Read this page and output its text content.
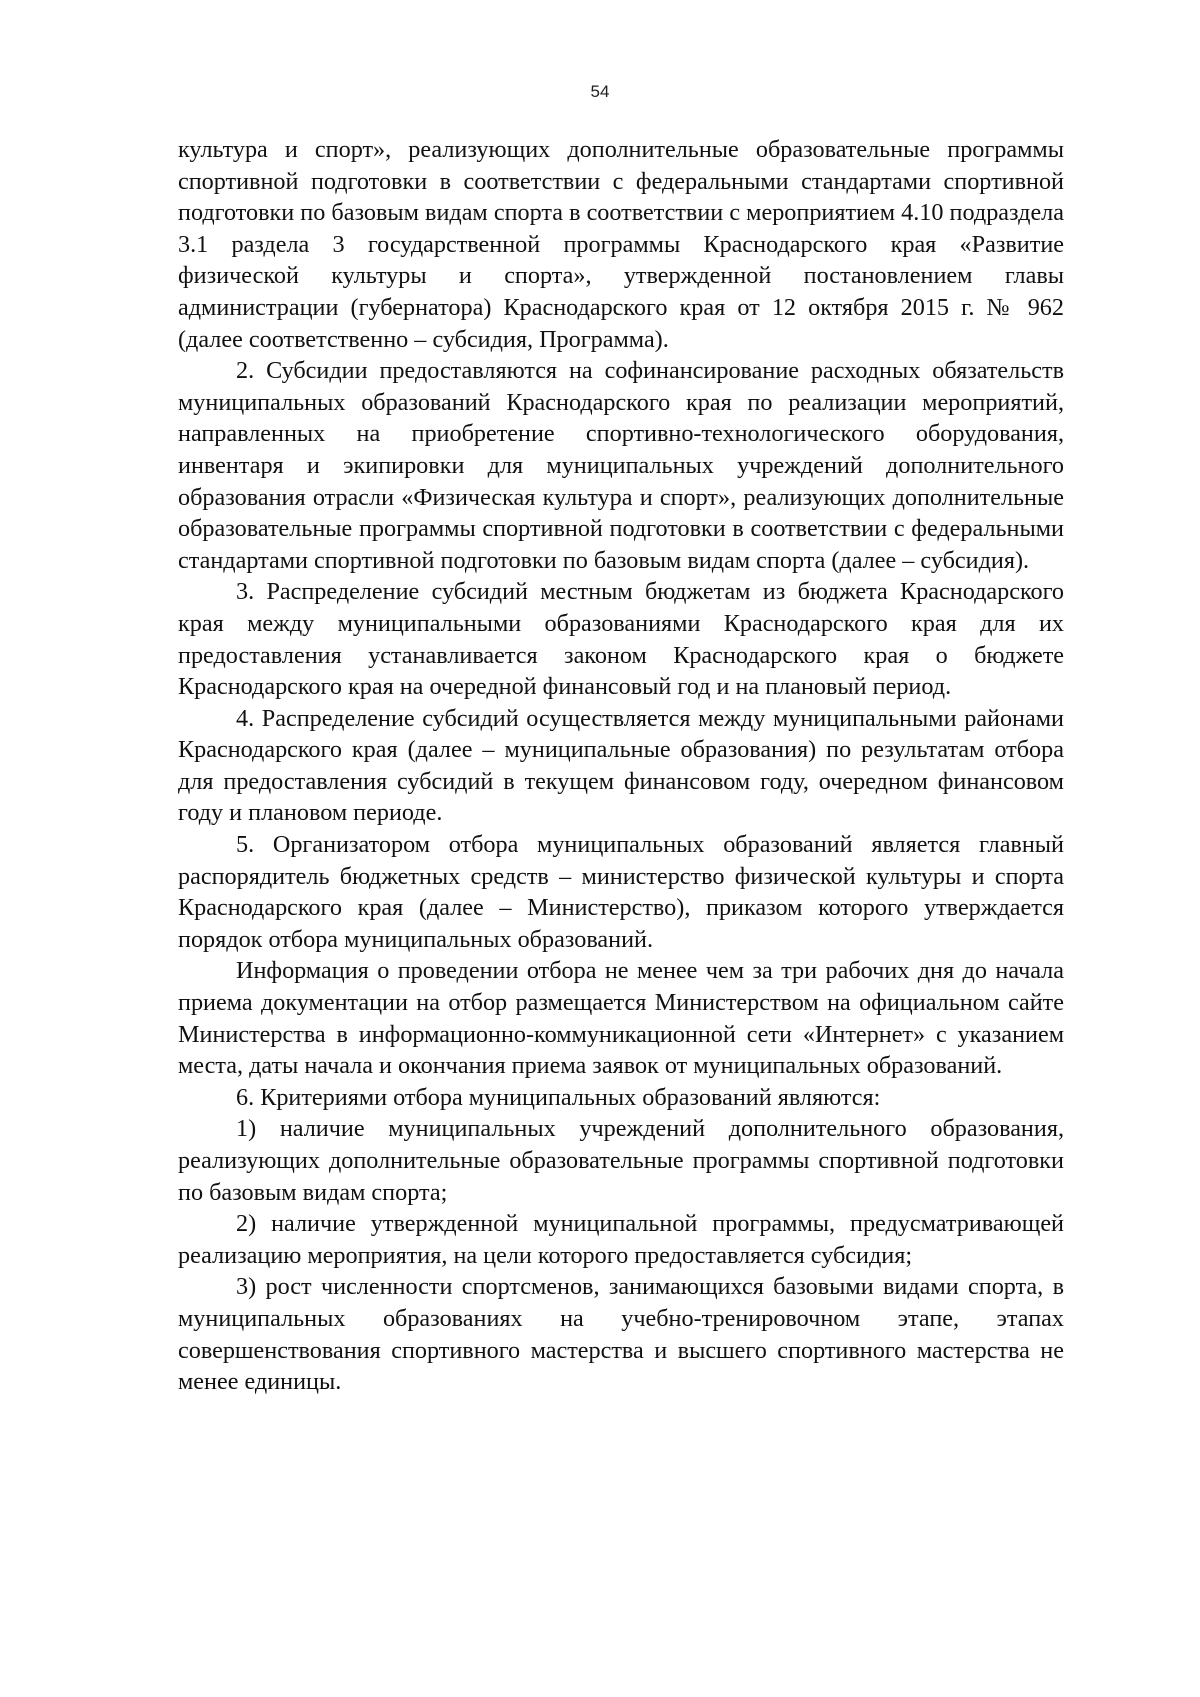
54

культура и спорт», реализующих дополнительные образовательные программы спортивной подготовки в соответствии с федеральными стандартами спортивной подготовки по базовым видам спорта в соответствии с мероприятием 4.10 подраздела 3.1 раздела 3 государственной программы Краснодарского края «Развитие физической культуры и спорта», утвержденной постановлением главы администрации (губернатора) Краснодарского края от 12 октября 2015 г. № 962 (далее соответственно – субсидия, Программа).

2. Субсидии предоставляются на софинансирование расходных обязательств муниципальных образований Краснодарского края по реализации мероприятий, направленных на приобретение спортивно-технологического оборудования, инвентаря и экипировки для муниципальных учреждений дополнительного образования отрасли «Физическая культура и спорт», реализующих дополнительные образовательные программы спортивной подготовки в соответствии с федеральными стандартами спортивной подготовки по базовым видам спорта (далее – субсидия).

3. Распределение субсидий местным бюджетам из бюджета Краснодарского края между муниципальными образованиями Краснодарского края для их предоставления устанавливается законом Краснодарского края о бюджете Краснодарского края на очередной финансовый год и на плановый период.

4. Распределение субсидий осуществляется между муниципальными районами Краснодарского края (далее – муниципальные образования) по результатам отбора для предоставления субсидий в текущем финансовом году, очередном финансовом году и плановом периоде.

5. Организатором отбора муниципальных образований является главный распорядитель бюджетных средств – министерство физической культуры и спорта Краснодарского края (далее – Министерство), приказом которого утверждается порядок отбора муниципальных образований.

Информация о проведении отбора не менее чем за три рабочих дня до начала приема документации на отбор размещается Министерством на официальном сайте Министерства в информационно-коммуникационной сети «Интернет» с указанием места, даты начала и окончания приема заявок от муниципальных образований.

6. Критериями отбора муниципальных образований являются:

1) наличие муниципальных учреждений дополнительного образования, реализующих дополнительные образовательные программы спортивной подготовки по базовым видам спорта;

2) наличие утвержденной муниципальной программы, предусматривающей реализацию мероприятия, на цели которого предоставляется субсидия;

3) рост численности спортсменов, занимающихся базовыми видами спорта, в муниципальных образованиях на учебно-тренировочном этапе, этапах совершенствования спортивного мастерства и высшего спортивного мастерства не менее единицы.
